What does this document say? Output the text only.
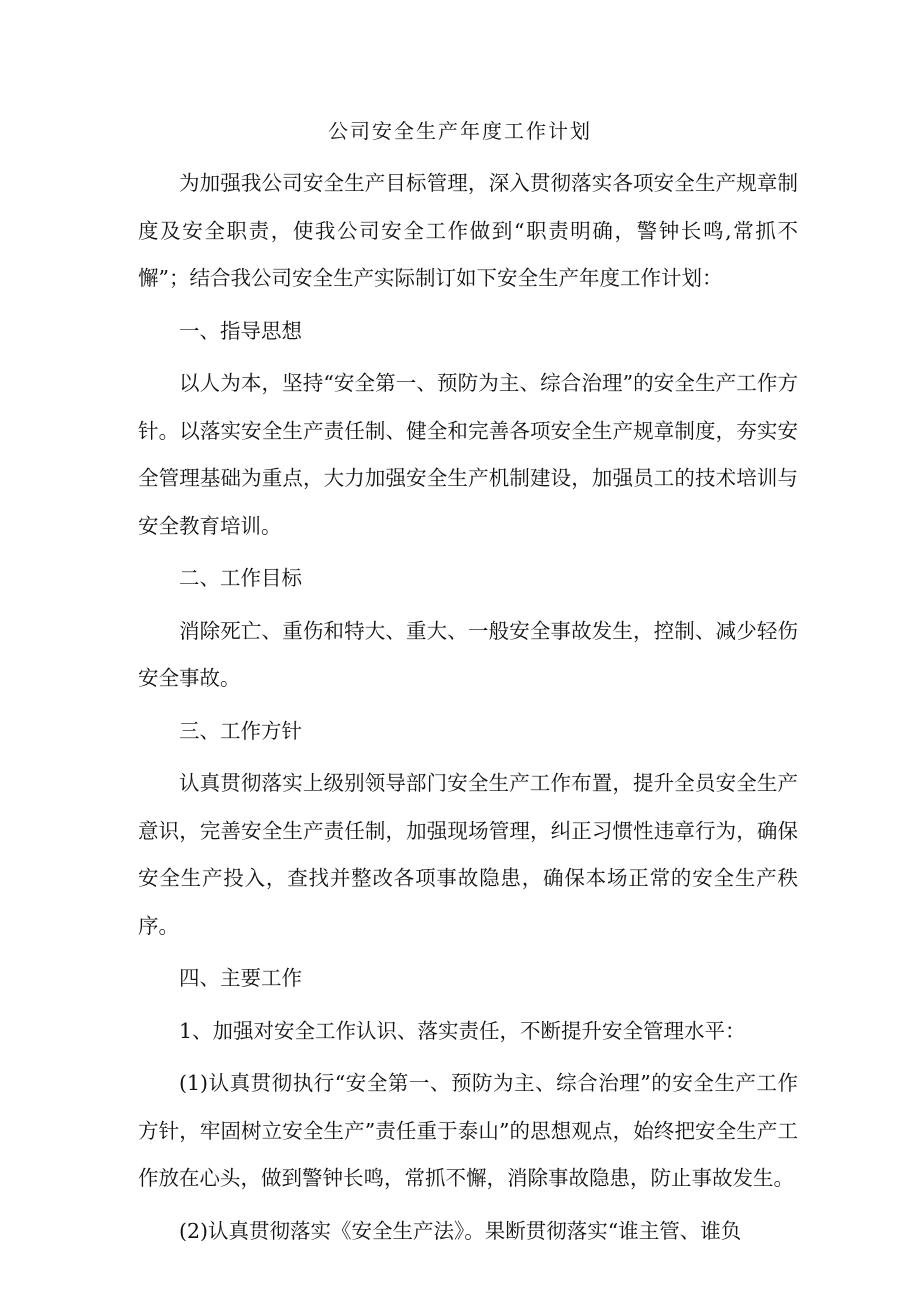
公司安全生产年度工作计划

为加强我公司安全生产目标管理，深入贯彻落实各项安全生产规章制度及安全职责，使我公司安全工作做到“职责明确，警钟长鸣,常抓不懈”；结合我公司安全生产实际制订如下安全生产年度工作计划：

一、指导思想

以人为本，坚持“安全第一、预防为主、综合治理”的安全生产工作方针。以落实安全生产责任制、健全和完善各项安全生产规章制度，夯实安全管理基础为重点，大力加强安全生产机制建设，加强员工的技术培训与安全教育培训。

二、工作目标

消除死亡、重伤和特大、重大、一般安全事故发生，控制、减少轻伤安全事故。

三、工作方针

认真贯彻落实上级别领导部门安全生产工作布置，提升全员安全生产意识，完善安全生产责任制，加强现场管理，纠正习惯性违章行为，确保安全生产投入，查找并整改各项事故隐患，确保本场正常的安全生产秩序。

四、主要工作

1、加强对安全工作认识、落实责任，不断提升安全管理水平：

(1)认真贯彻执行“安全第一、预防为主、综合治理”的安全生产工作方针，牢固树立安全生产”责任重于泰山”的思想观点，始终把安全生产工作放在心头，做到警钟长鸣，常抓不懈，消除事故隐患，防止事故发生。

(2)认真贯彻落实《安全生产法》。果断贯彻落实“谁主管、谁负
